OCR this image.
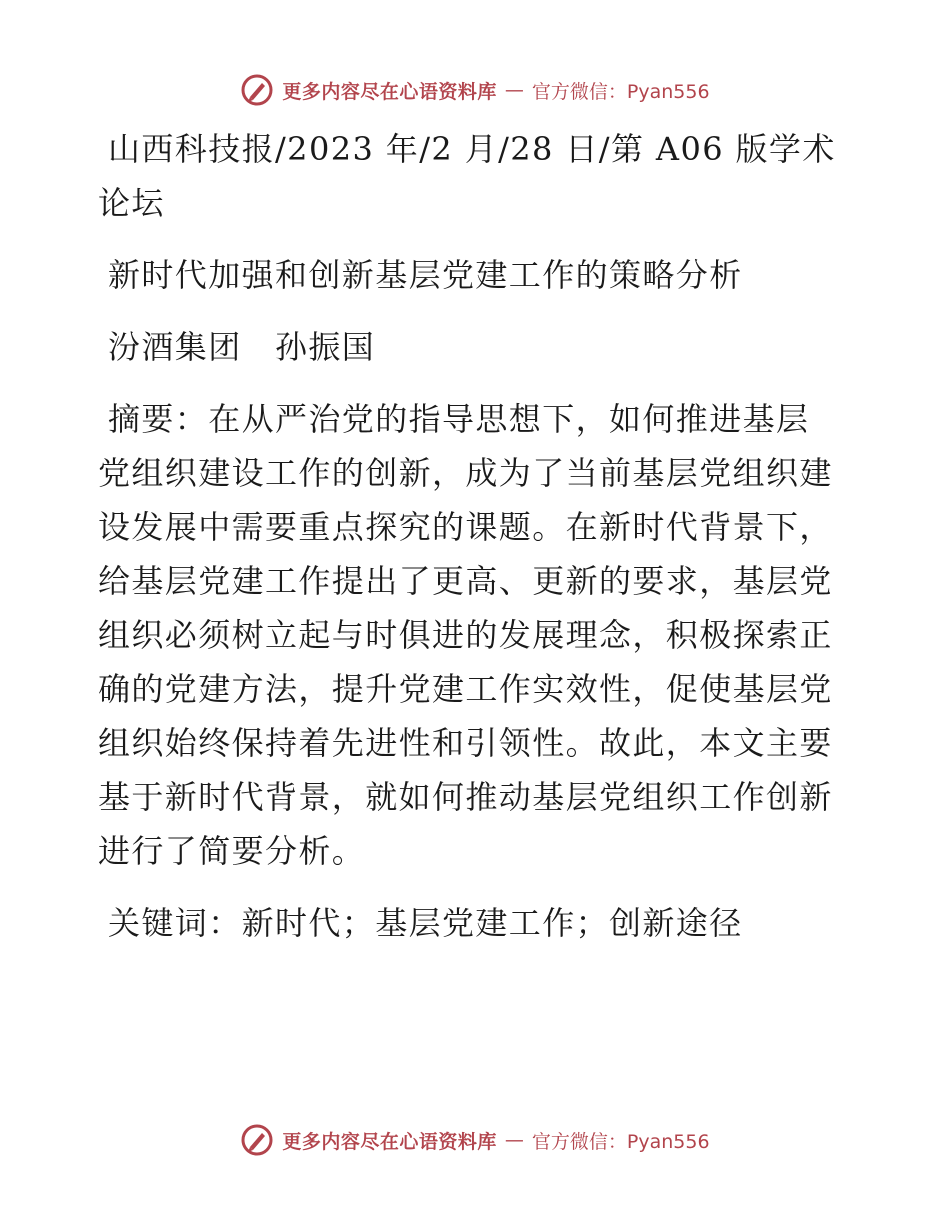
更多内容尽在心语资料库 — 官方微信：Pyan556
山西科技报/2023 年/2 月/28 日/第 A06 版学术
论坛
新时代加强和创新基层党建工作的策略分析
汾酒集团　孙振国
摘要：在从严治党的指导思想下，如何推进基层
党组织建设工作的创新，成为了当前基层党组织建
设发展中需要重点探究的课题。在新时代背景下，
给基层党建工作提出了更高、更新的要求，基层党
组织必须树立起与时俱进的发展理念，积极探索正
确的党建方法，提升党建工作实效性，促使基层党
组织始终保持着先进性和引领性。故此，本文主要
基于新时代背景，就如何推动基层党组织工作创新
进行了简要分析。
关键词：新时代；基层党建工作；创新途径
更多内容尽在心语资料库 — 官方微信：Pyan556
